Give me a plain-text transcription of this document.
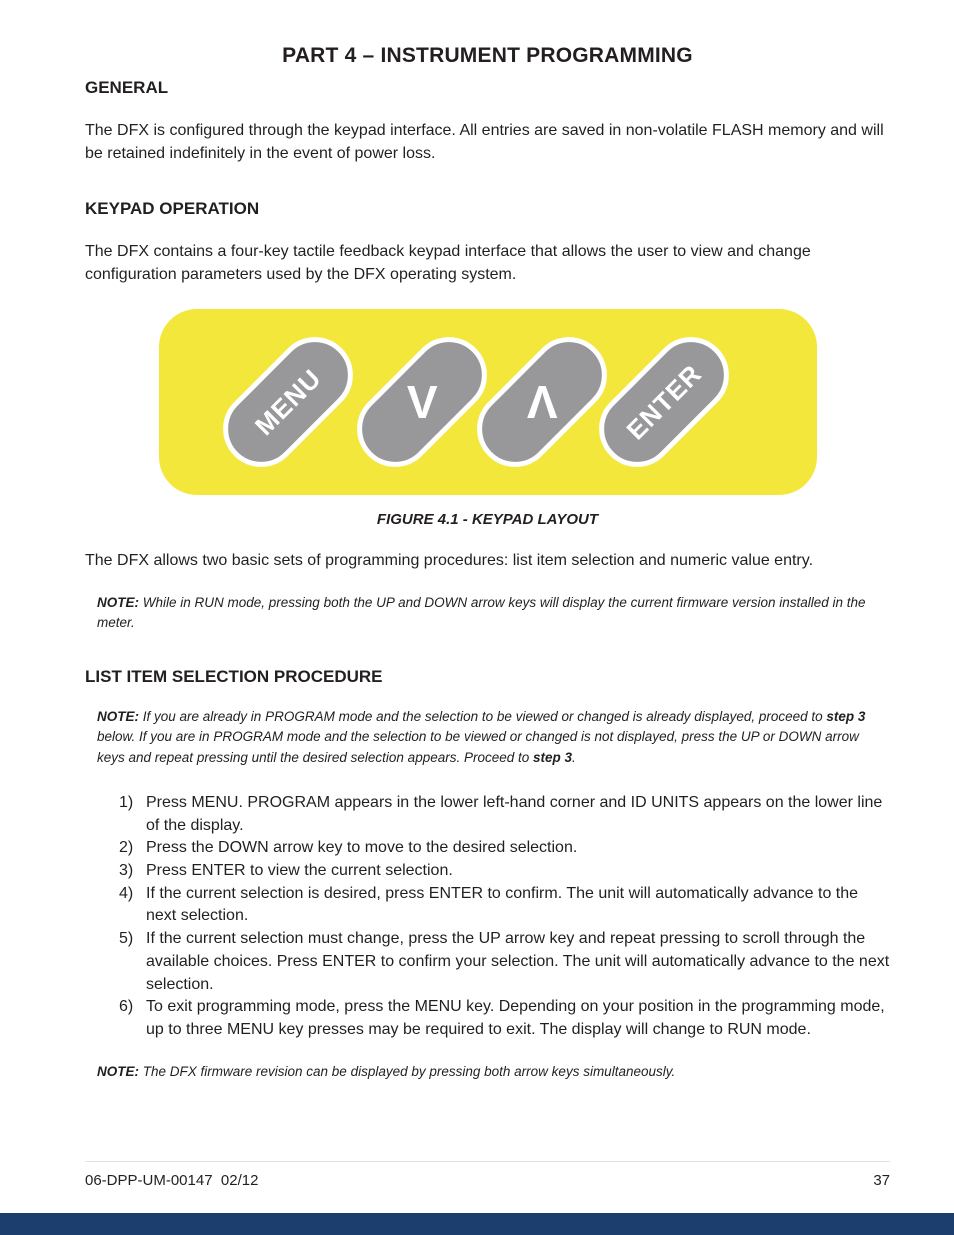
PART 4 – INSTRUMENT PROGRAMMING
GENERAL

The DFX is configured through the keypad interface. All entries are saved in non-volatile FLASH memory and will be retained indefinitely in the event of power loss.

KEYPAD OPERATION

The DFX contains a four-key tactile feedback keypad interface that allows the user to view and change configuration parameters used by the DFX operating system.

MENU V Λ ENTER

FIGURE 4.1 - KEYPAD LAYOUT

The DFX allows two basic sets of programming procedures: list item selection and numeric value entry.

NOTE: While in RUN mode, pressing both the UP and DOWN arrow keys will display the current firmware version installed in the meter.

LIST ITEM SELECTION PROCEDURE

NOTE: If you are already in PROGRAM mode and the selection to be viewed or changed is already displayed, proceed to step 3 below. If you are in PROGRAM mode and the selection to be viewed or changed is not displayed, press the UP or DOWN arrow keys and repeat pressing until the desired selection appears. Proceed to step 3.

1) Press MENU. PROGRAM appears in the lower left-hand corner and ID UNITS appears on the lower line of the display.
2) Press the DOWN arrow key to move to the desired selection.
3) Press ENTER to view the current selection.
4) If the current selection is desired, press ENTER to confirm. The unit will automatically advance to the next selection.
5) If the current selection must change, press the UP arrow key and repeat pressing to scroll through the available choices. Press ENTER to confirm your selection. The unit will automatically advance to the next selection.
6) To exit programming mode, press the MENU key. Depending on your position in the programming mode, up to three MENU key presses may be required to exit. The display will change to RUN mode.

NOTE: The DFX firmware revision can be displayed by pressing both arrow keys simultaneously.

06-DPP-UM-00147  02/12	37
